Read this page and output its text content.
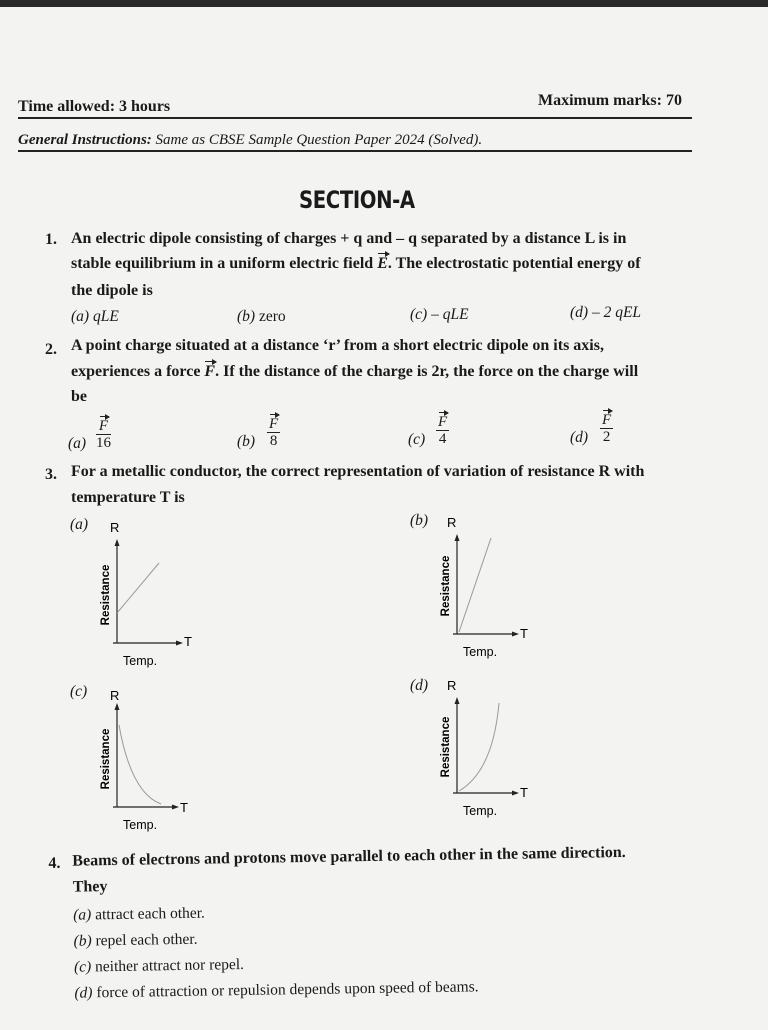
Time allowed: 3 hours	Maximum marks: 70
General Instructions: Same as CBSE Sample Question Paper 2024 (Solved).
SECTION-A
1. An electric dipole consisting of charges + q and – q separated by a distance L is in
stable equilibrium in a uniform electric field E. The electrostatic potential energy of
the dipole is
(a) qLE	(b) zero	(c) – qLE	(d) – 2 qEL
2. A point charge situated at a distance ‘r’ from a short electric dipole on its axis,
experiences a force F. If the distance of the charge is 2r, the force on the charge will
be
$(a) \frac{F}{16}$	$(b) \frac{F}{8}$	$(c) \frac{F}{4}$	$(d) \frac{F}{2}$
3. For a metallic conductor, the correct representation of variation of resistance R with
temperature T is
(a) R
T
Resistance
Temp.
(b) R
T
Resistance
Temp.
(c) R
T
Resistance
Temp.
(d) R
T
Resistance
Temp.
4. Beams of electrons and protons move parallel to each other in the same direction.
They
(a) attract each other.
(b) repel each other.
(c) neither attract nor repel.
(d) force of attraction or repulsion depends upon speed of beams.
